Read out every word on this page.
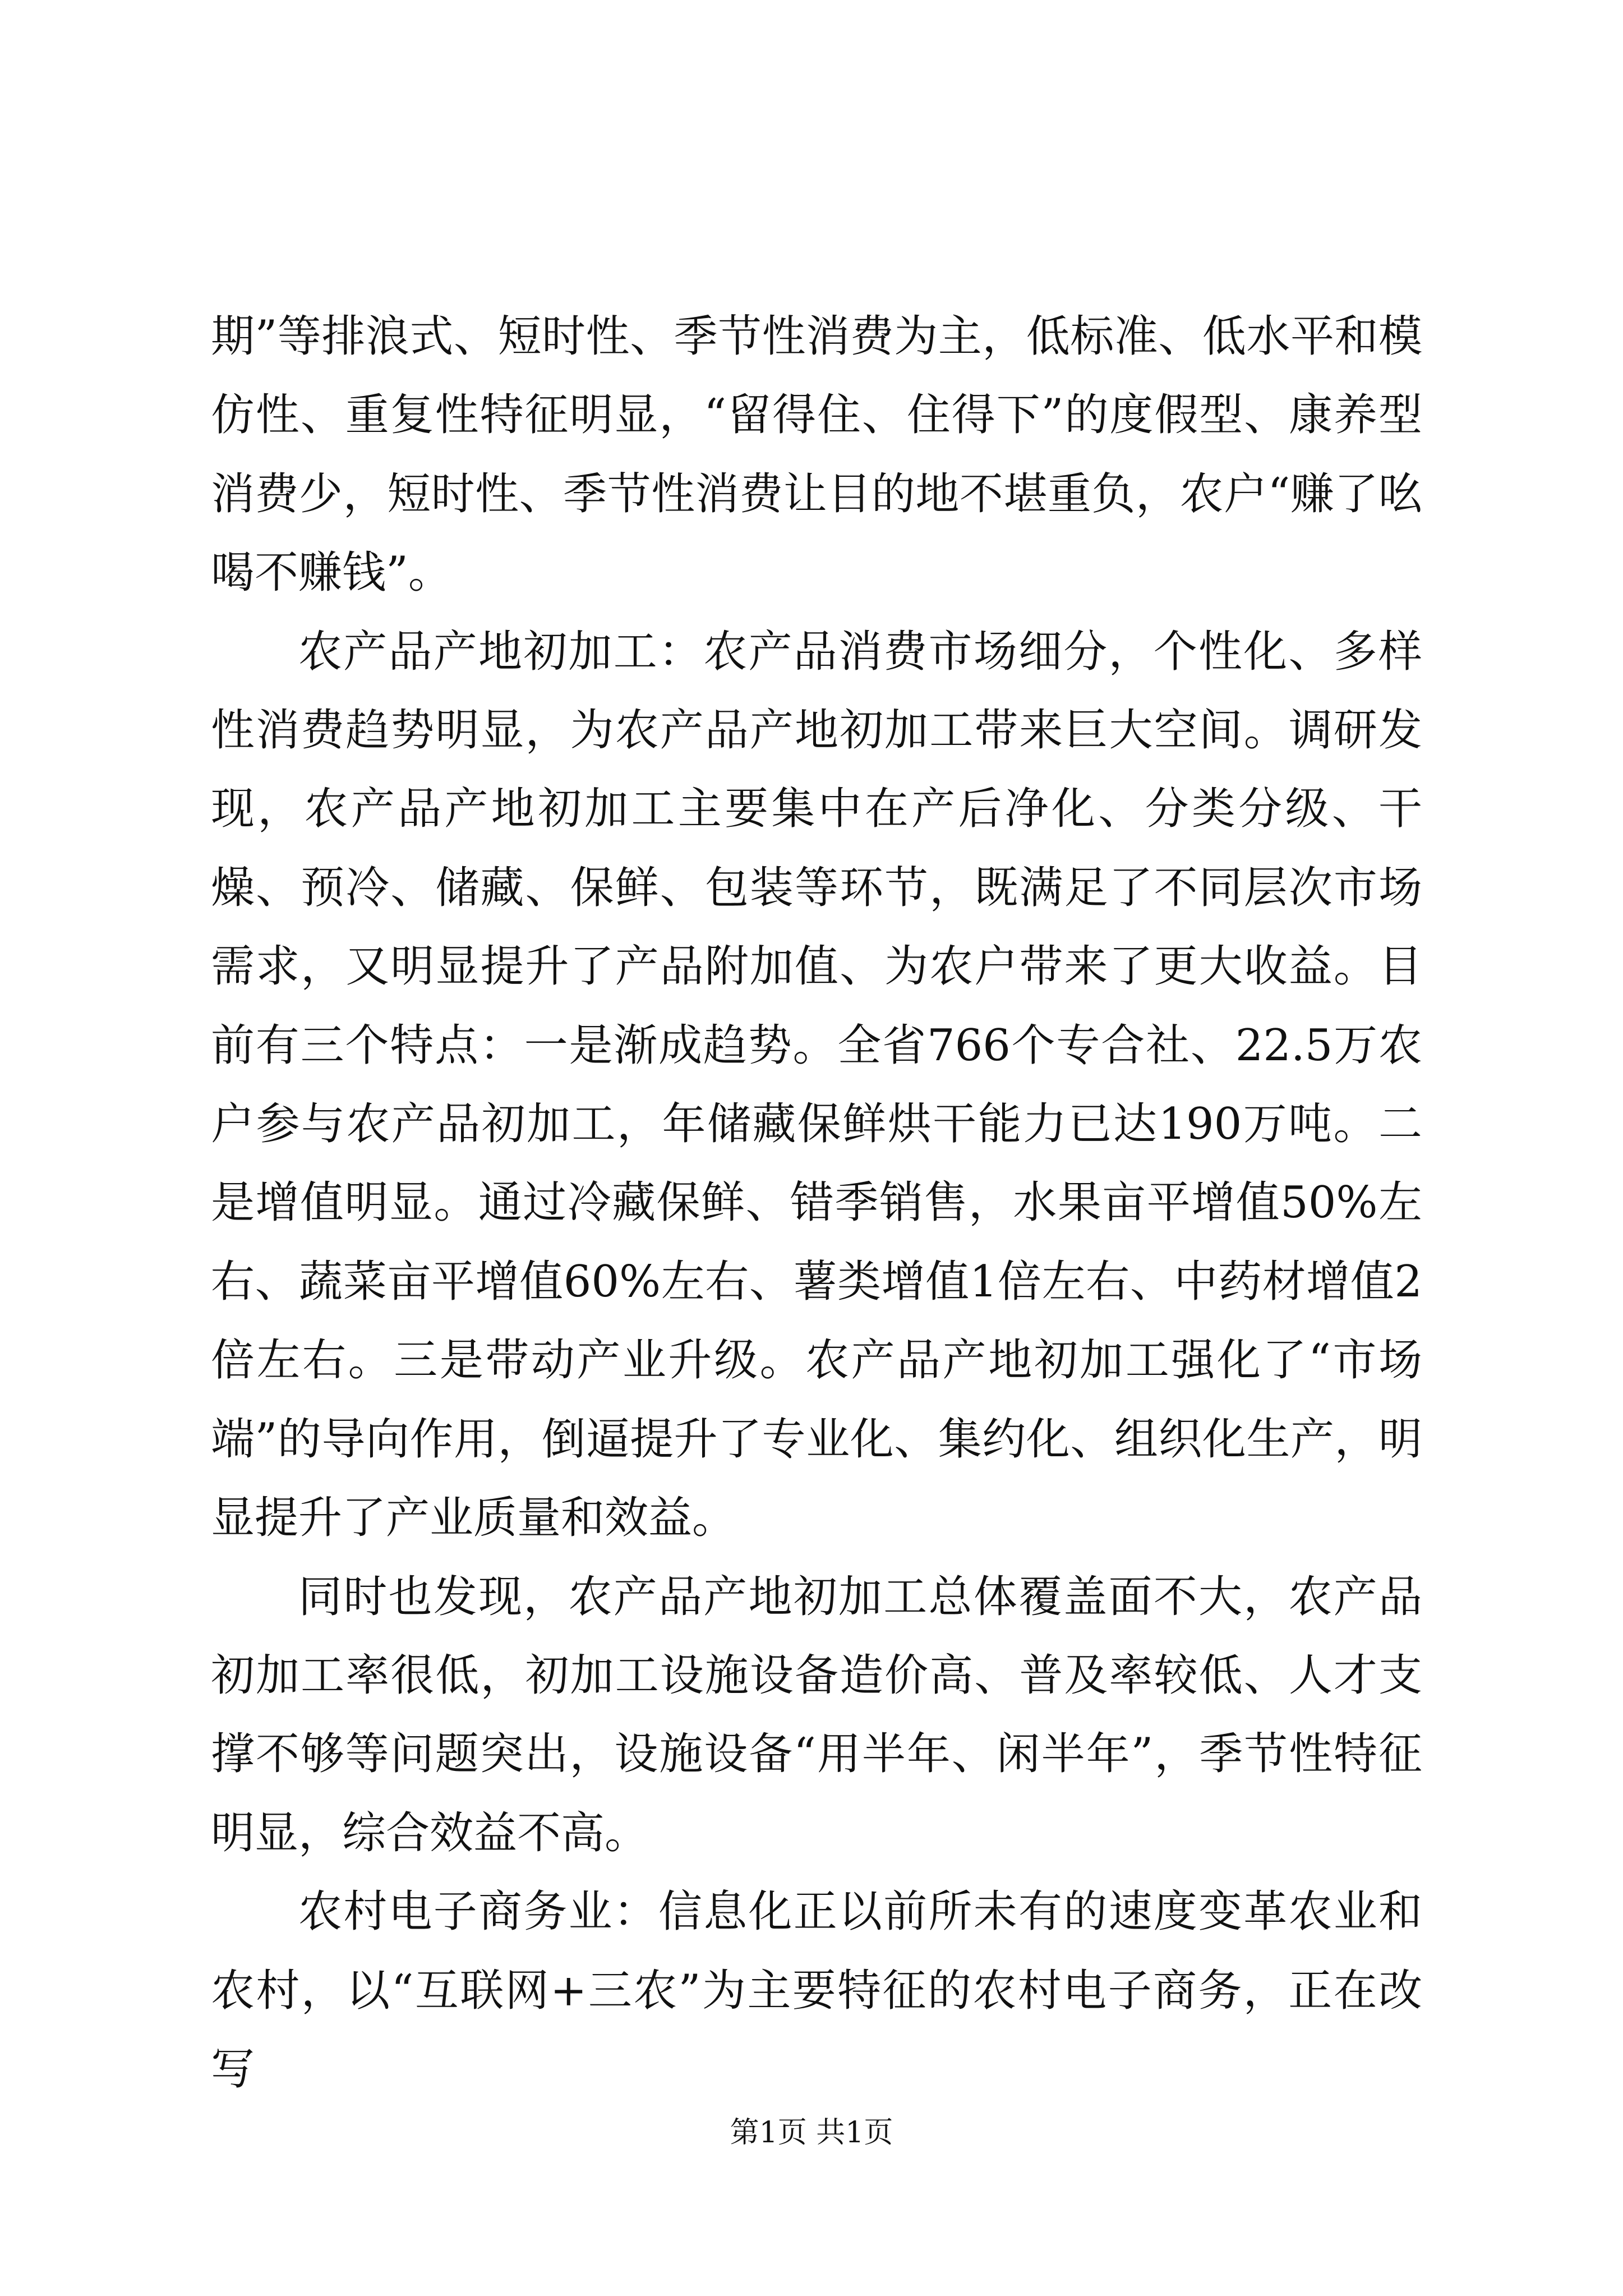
期”等排浪式、短时性、季节性消费为主，低标准、低水平和模仿性、重复性特征明显，“留得住、住得下”的度假型、康养型消费少，短时性、季节性消费让目的地不堪重负，农户“赚了吆喝不赚钱”。

农产品产地初加工：农产品消费市场细分，个性化、多样性消费趋势明显，为农产品产地初加工带来巨大空间。调研发现，农产品产地初加工主要集中在产后净化、分类分级、干燥、预冷、储藏、保鲜、包装等环节，既满足了不同层次市场需求，又明显提升了产品附加值、为农户带来了更大收益。目前有三个特点：一是渐成趋势。全省766个专合社、22.5万农户参与农产品初加工，年储藏保鲜烘干能力已达190万吨。二是增值明显。通过冷藏保鲜、错季销售，水果亩平增值50%左右、蔬菜亩平增值60%左右、薯类增值1倍左右、中药材增值2倍左右。三是带动产业升级。农产品产地初加工强化了“市场端”的导向作用，倒逼提升了专业化、集约化、组织化生产，明显提升了产业质量和效益。

同时也发现，农产品产地初加工总体覆盖面不大，农产品初加工率很低，初加工设施设备造价高、普及率较低、人才支撑不够等问题突出，设施设备“用半年、闲半年”，季节性特征明显，综合效益不高。

农村电子商务业：信息化正以前所未有的速度变革农业和农村，以“互联网+三农”为主要特征的农村电子商务，正在改写

第1页 共1页
